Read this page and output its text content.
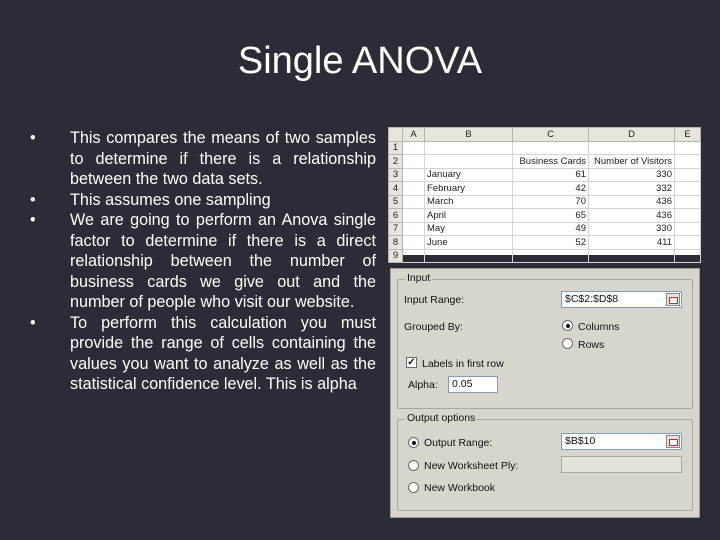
Single ANOVA
• This compares the means of two samples to determine if there is a relationship between the two data sets.
• This assumes one sampling
• We are going to perform an Anova single factor to determine if there is a direct relationship between the number of business cards we give out and the number of people who visit our website.
• To perform this calculation you must provide the range of cells containing the values you want to analyze as well as the statistical confidence level. This is alpha
	A	B	C	D	E
1					
2			Business Cards	Number of Visitors	
3		January	61	330	
4		February	42	332	
5		March	70	436	
6		April	65	436	
7		May	49	330	
8		June	52	411	
9					
Input
Input Range:	$C$2:$D$8
Grouped By:	Columns
Rows
✓ Labels in first row
Alpha:	0.05
Output options
Output Range:	$B$10
New Worksheet Ply:
New Workbook
